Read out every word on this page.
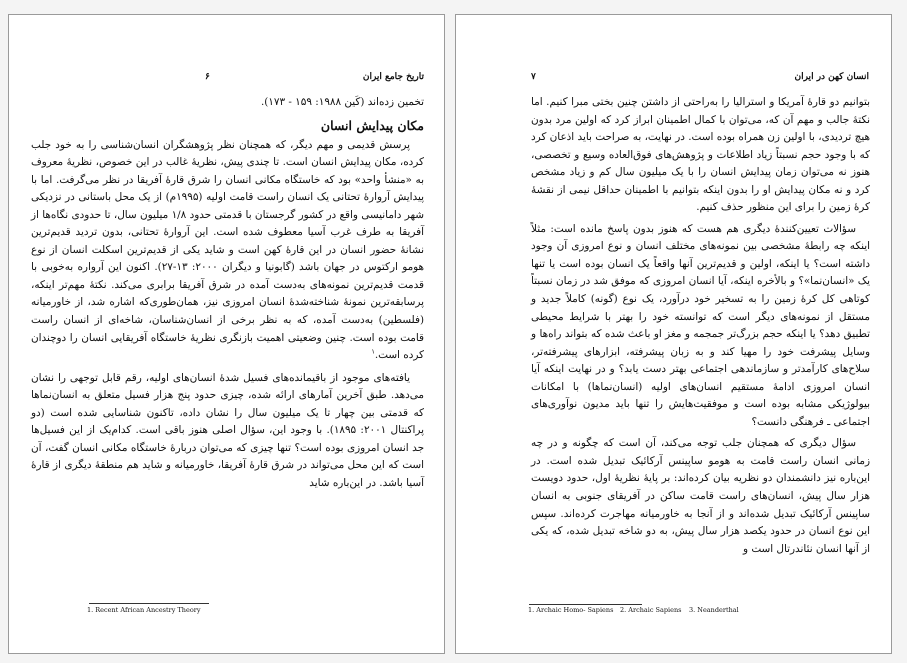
تاریخ جامع ایران
۶

تخمین زده‌اند (کَین ۱۹۸۸: ۱۵۹ - ۱۷۳).

مکان پیدایش انسان

پرسش قدیمی و مهم دیگر، که همچنان نظر پژوهشگران انسان‌شناسی را به خود جلب کرده، مکان پیدایش انسان است. تا چندی پیش، نظریهٔ غالب در این خصوص، نظریهٔ معروف به «منشأ واحد» بود که خاستگاه مکانی انسان را شرق قارهٔ آفریقا در نظر می‌گرفت. اما با پیدایش آروارهٔ تحتانی یک انسان راست قامت اولیه (۱۹۹۵م) از یک محل باستانی در نزدیکی شهر دامانیسی واقع در کشور گرجستان با قدمتی حدود ۱/۸ میلیون سال، تا حدودی نگاه‌ها از آفریقا به طرف غرب آسیا معطوف شده است. این آروارهٔ تحتانی، بدون تردید قدیم‌ترین نشانهٔ حضور انسان در این قارهٔ کهن است و شاید یکی از قدیم‌ترین اسکلت انسان از نوع هومو ارکتوس در جهان باشد (گابونیا و دیگران ۲۰۰۰: ۱۳-۲۷). اکنون این آرواره به‌خوبی با قدمت قدیم‌ترین نمونه‌های به‌دست آمده در شرق آفریقا برابری می‌کند. نکتهٔ مهم‌تر اینکه، پرسابقه‌ترین نمونهٔ شناخته‌شدهٔ انسان امروزی نیز، همان‌طوری‌که اشاره شد، از خاورمیانه (فلسطین) به‌دست آمده، که به نظر برخی از انسان‌شناسان، شاخه‌ای از انسان راست قامت بوده است. چنین وضعیتی اهمیت بازنگری نظریهٔ خاستگاه آفریقایی انسان را دوچندان کرده است.$^۱$

یافته‌های موجود از باقیمانده‌های فسیل شدهٔ انسان‌های اولیه، رقم قابل توجهی را نشان می‌دهد. طبق آخرین آمارهای ارائه شده، چیزی حدود پنج هزار فسیل متعلق به انسان‌نماها که قدمتی بین چهار تا یک میلیون سال را نشان داده، تاکنون شناسایی شده است (دو پراکنتال ۲۰۰۱: ۱۸۹۵). با وجود این، سؤال اصلی هنوز باقی است. کدام‌یک از این فسیل‌ها جد انسان امروزی بوده است؟ تنها چیزی که می‌توان دربارهٔ خاستگاه مکانی انسان گفت، آن است که این محل می‌تواند در شرق قارهٔ آفریقا، خاورمیانه و شاید هم منطقهٔ دیگری از قارهٔ آسیا باشد. در این‌باره شاید

1. Recent African Ancestry Theory
انسان کهن در ایران
۷

بتوانیم دو قارهٔ آمریکا و استرالیا را به‌راحتی از داشتن چنین بختی مبرا کنیم. اما نکتهٔ جالب و مهم آن که، می‌توان با کمال اطمینان ابراز کرد که اولین مرد بدون هیچ تردیدی، با اولین زن همراه بوده است. در نهایت، به صراحت باید اذعان کرد که با وجود حجم نسبتاً زیاد اطلاعات و پژوهش‌های فوق‌العاده وسیع و تخصصی، هنوز نه می‌توان زمان پیدایش انسان را با یک میلیون سال کم و زیاد مشخص کرد و نه مکان پیدایش او را بدون اینکه بتوانیم با اطمینان حداقل نیمی از نقشهٔ کرهٔ زمین را برای این منظور حذف کنیم.

سؤالات تعیین‌کنندهٔ دیگری هم هست که هنوز بدون پاسخ مانده است: مثلاً اینکه چه رابطهٔ مشخصی بین نمونه‌های مختلف انسان و نوع امروزی آن وجود داشته است؟ یا اینکه، اولین و قدیم‌ترین آنها واقعاً یک انسان بوده است یا تنها یک «انسان‌نما»؟ و بالأخره اینکه، آیا انسان امروزی که موفق شد در زمان نسبتاً کوتاهی کل کرهٔ زمین را به تسخیر خود درآورد، یک نوع (گونه) کاملاً جدید و مستقل از نمونه‌های دیگر است که توانسته خود را بهتر با شرایط محیطی تطبیق دهد؟ یا اینکه حجم بزرگ‌تر جمجمه و مغز او باعث شده که بتواند راه‌ها و وسایل پیشرفت خود را مهیا کند و به زبان پیشرفته، ابزارهای پیشرفته‌تر، سلاح‌های کارآمدتر و سازماندهی اجتماعی بهتر دست یابد؟ و در نهایت اینکه آیا انسان امروزی ادامهٔ مستقیم انسان‌های اولیه (انسان‌نماها) با امکانات بیولوژیکی مشابه بوده است و موفقیت‌هایش را تنها باید مدیون نوآوری‌های اجتماعی ـ فرهنگی دانست؟

سؤال دیگری که همچنان جلب توجه می‌کند، آن است که چگونه و در چه زمانی انسان راست قامت به هومو ساپینس آرکائیک تبدیل شده است. در این‌باره نیز دانشمندان دو نظریه بیان کرده‌اند: بر پایهٔ نظریهٔ اول، حدود دویست هزار سال پیش، انسان‌های راست قامت ساکن در آفریقای جنوبی به انسان ساپینس آرکائیک تبدیل شده‌اند و از آنجا به خاورمیانه مهاجرت کرده‌اند. سپس این نوع انسان در حدود یکصد هزار سال پیش، به دو شاخه تبدیل شده، که یکی از آنها انسان نئاندرتال است و

1. Archaic Homo- Sapiens 2. Archaic Sapiens 3. Neanderthal
